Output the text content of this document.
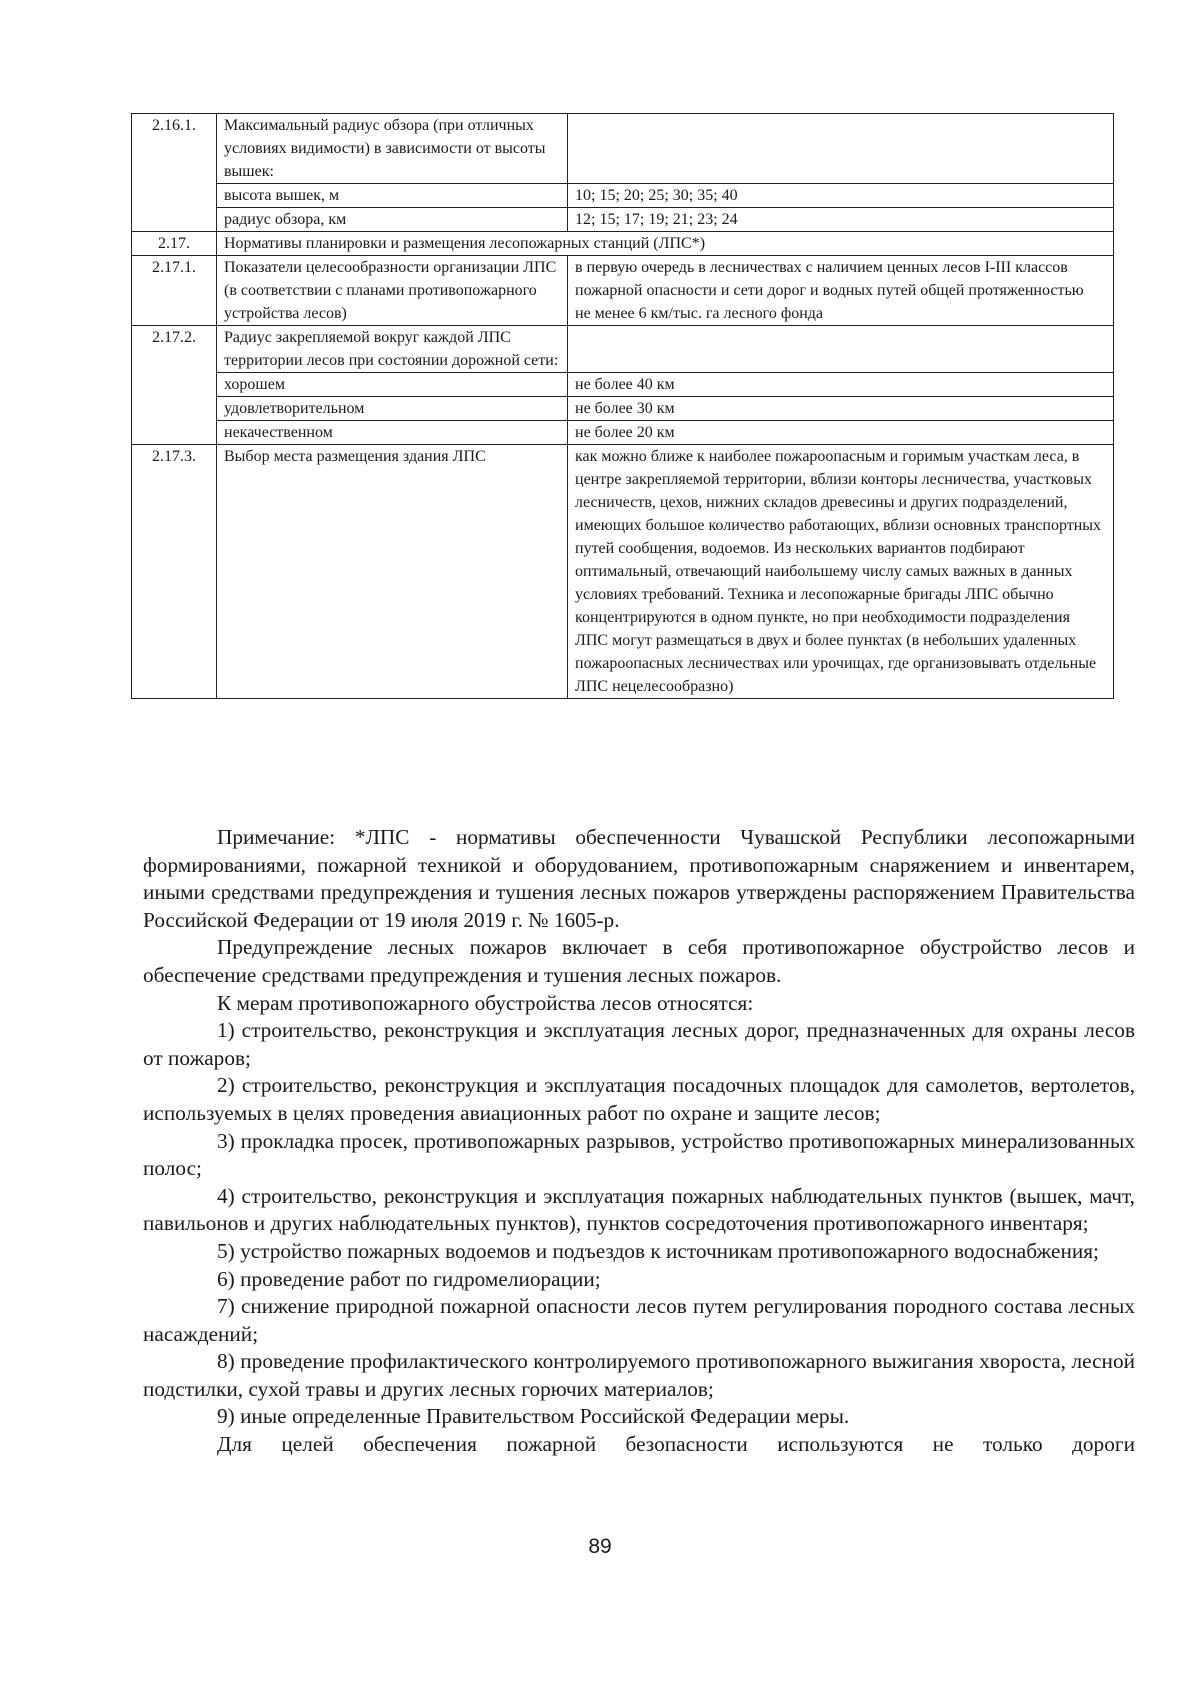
2.16.1.	Максимальный радиус обзора (при отличных условиях видимости) в зависимости от высоты вышек:	
	высота вышек, м	10; 15; 20; 25; 30; 35; 40
	радиус обзора, км	12; 15; 17; 19; 21; 23; 24
2.17.	Нормативы планировки и размещения лесопожарных станций (ЛПС*)	
2.17.1.	Показатели целесообразности организации ЛПС (в соответствии с планами противопожарного устройства лесов)	в первую очередь в лесничествах с наличием ценных лесов I-III классов пожарной опасности и сети дорог и водных путей общей протяженностью не менее 6 км/тыс. га лесного фонда
2.17.2.	Радиус закрепляемой вокруг каждой ЛПС территории лесов при состоянии дорожной сети:	
	хорошем	не более 40 км
	удовлетворительном	не более 30 км
	некачественном	не более 20 км
2.17.3.	Выбор места размещения здания ЛПС	как можно ближе к наиболее пожароопасным и горимым участкам леса, в центре закрепляемой территории, вблизи конторы лесничества, участковых лесничеств, цехов, нижних складов древесины и других подразделений, имеющих большое количество работающих, вблизи основных транспортных путей сообщения, водоемов. Из нескольких вариантов подбирают оптимальный, отвечающий наибольшему числу самых важных в данных условиях требований. Техника и лесопожарные бригады ЛПС обычно концентрируются в одном пункте, но при необходимости подразделения ЛПС могут размещаться в двух и более пунктах (в небольших удаленных пожароопасных лесничествах или урочищах, где организовывать отдельные ЛПС нецелесообразно)

Примечание: *ЛПС - нормативы обеспеченности Чувашской Республики лесопожарными формированиями, пожарной техникой и оборудованием, противопожарным снаряжением и инвентарем, иными средствами предупреждения и тушения лесных пожаров утверждены распоряжением Правительства Российской Федерации от 19 июля 2019 г. № 1605-р.

Предупреждение лесных пожаров включает в себя противопожарное обустройство лесов и обеспечение средствами предупреждения и тушения лесных пожаров.

К мерам противопожарного обустройства лесов относятся:

1) строительство, реконструкция и эксплуатация лесных дорог, предназначенных для охраны лесов от пожаров;

2) строительство, реконструкция и эксплуатация посадочных площадок для самолетов, вертолетов, используемых в целях проведения авиационных работ по охране и защите лесов;

3) прокладка просек, противопожарных разрывов, устройство противопожарных минерализованных полос;

4) строительство, реконструкция и эксплуатация пожарных наблюдательных пунктов (вышек, мачт, павильонов и других наблюдательных пунктов), пунктов сосредоточения противопожарного инвентаря;

5) устройство пожарных водоемов и подъездов к источникам противопожарного водоснабжения;

6) проведение работ по гидромелиорации;

7) снижение природной пожарной опасности лесов путем регулирования породного состава лесных насаждений;

8) проведение профилактического контролируемого противопожарного выжигания хвороста, лесной подстилки, сухой травы и других лесных горючих материалов;

9) иные определенные Правительством Российской Федерации меры.

Для целей обеспечения пожарной безопасности используются не только дороги

89
